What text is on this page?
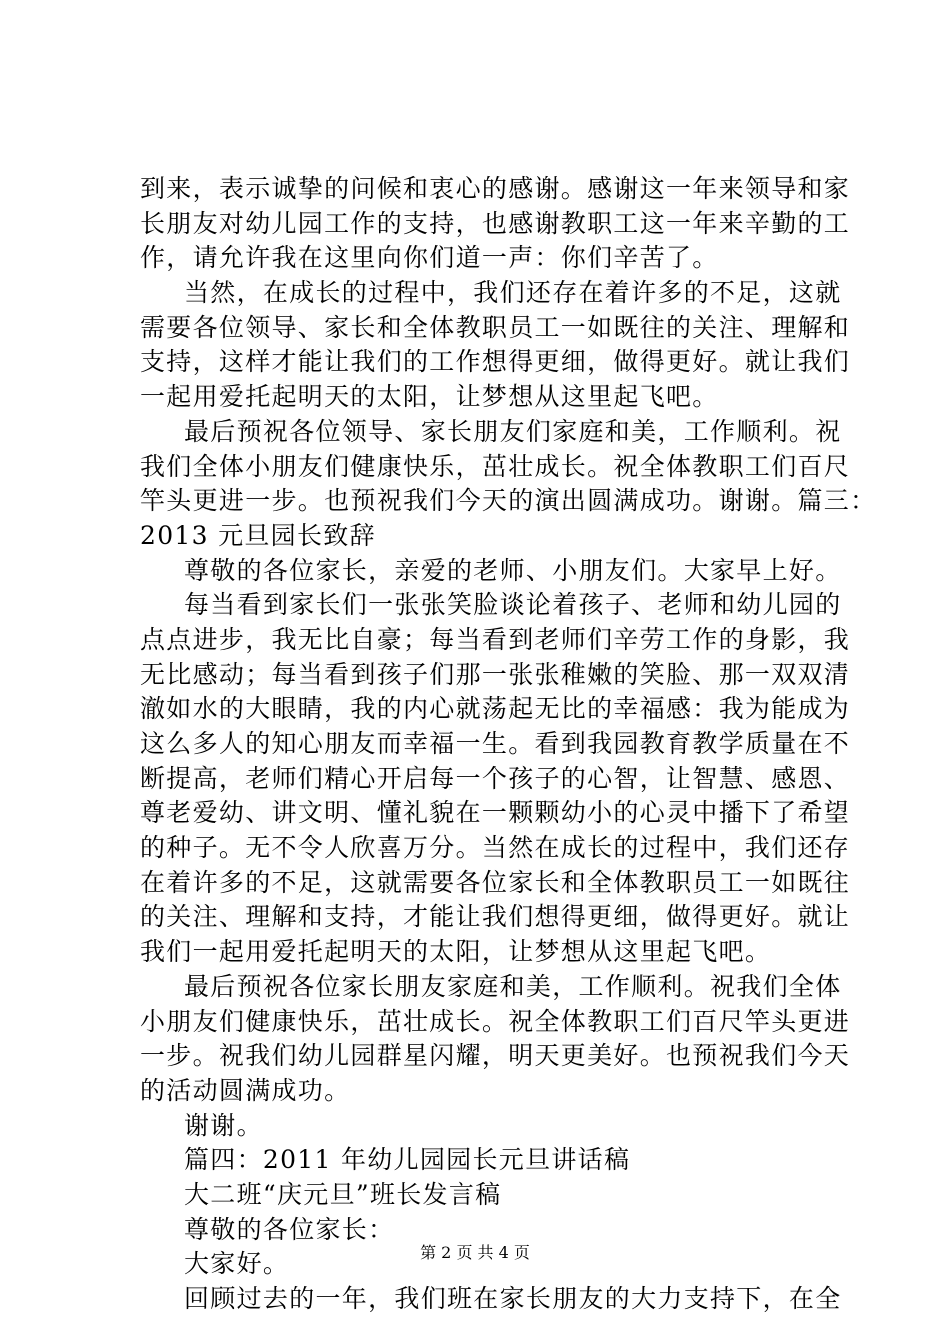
到来，表示诚挚的问候和衷心的感谢。感谢这一年来领导和家
长朋友对幼儿园工作的支持，也感谢教职工这一年来辛勤的工
作，请允许我在这里向你们道一声：你们辛苦了。
当然，在成长的过程中，我们还存在着许多的不足，这就
需要各位领导、家长和全体教职员工一如既往的关注、理解和
支持，这样才能让我们的工作想得更细，做得更好。就让我们
一起用爱托起明天的太阳，让梦想从这里起飞吧。
最后预祝各位领导、家长朋友们家庭和美，工作顺利。祝
我们全体小朋友们健康快乐，茁壮成长。祝全体教职工们百尺
竿头更进一步。也预祝我们今天的演出圆满成功。谢谢。篇三：
2013 元旦园长致辞
尊敬的各位家长，亲爱的老师、小朋友们。大家早上好。
每当看到家长们一张张笑脸谈论着孩子、老师和幼儿园的
点点进步，我无比自豪；每当看到老师们辛劳工作的身影，我
无比感动；每当看到孩子们那一张张稚嫩的笑脸、那一双双清
澈如水的大眼睛，我的内心就荡起无比的幸福感：我为能成为
这么多人的知心朋友而幸福一生。看到我园教育教学质量在不
断提高，老师们精心开启每一个孩子的心智，让智慧、感恩、
尊老爱幼、讲文明、懂礼貌在一颗颗幼小的心灵中播下了希望
的种子。无不令人欣喜万分。当然在成长的过程中，我们还存
在着许多的不足，这就需要各位家长和全体教职员工一如既往
的关注、理解和支持，才能让我们想得更细，做得更好。就让
我们一起用爱托起明天的太阳，让梦想从这里起飞吧。
最后预祝各位家长朋友家庭和美，工作顺利。祝我们全体
小朋友们健康快乐，茁壮成长。祝全体教职工们百尺竿头更进
一步。祝我们幼儿园群星闪耀，明天更美好。也预祝我们今天
的活动圆满成功。
谢谢。
篇四：2011 年幼儿园园长元旦讲话稿
大二班“庆元旦”班长发言稿
尊敬的各位家长：
大家好。
回顾过去的一年，我们班在家长朋友的大力支持下，在全
第 2 页 共 4 页
